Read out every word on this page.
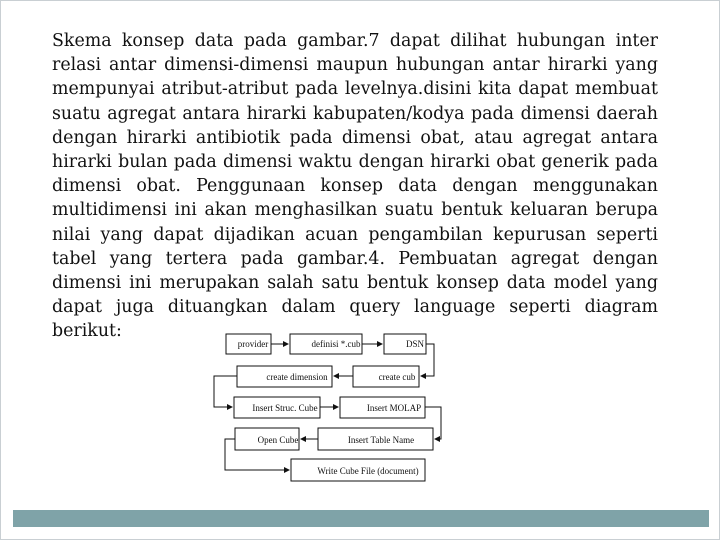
Skema konsep data pada gambar.7 dapat dilihat hubungan inter relasi antar dimensi-dimensi maupun hubungan antar hirarki yang mempunyai atribut-atribut pada levelnya.disini kita dapat membuat suatu agregat antara hirarki kabupaten/kodya pada dimensi daerah dengan hirarki antibiotik pada dimensi obat, atau agregat antara hirarki bulan pada dimensi waktu dengan hirarki obat generik pada dimensi obat. Penggunaan konsep data dengan menggunakan multidimensi ini akan menghasilkan suatu bentuk keluaran berupa nilai yang dapat dijadikan acuan pengambilan kepurusan seperti tabel yang tertera pada gambar.4. Pembuatan agregat dengan dimensi ini merupakan salah satu bentuk konsep data model yang dapat juga dituangkan dalam query language seperti diagram berikut:

provider	definisi *.cub	DSN
create dimension	create cub
Insert Struc. Cube	Insert MOLAP
Open Cube	Insert Table Name
Write Cube File (document)
